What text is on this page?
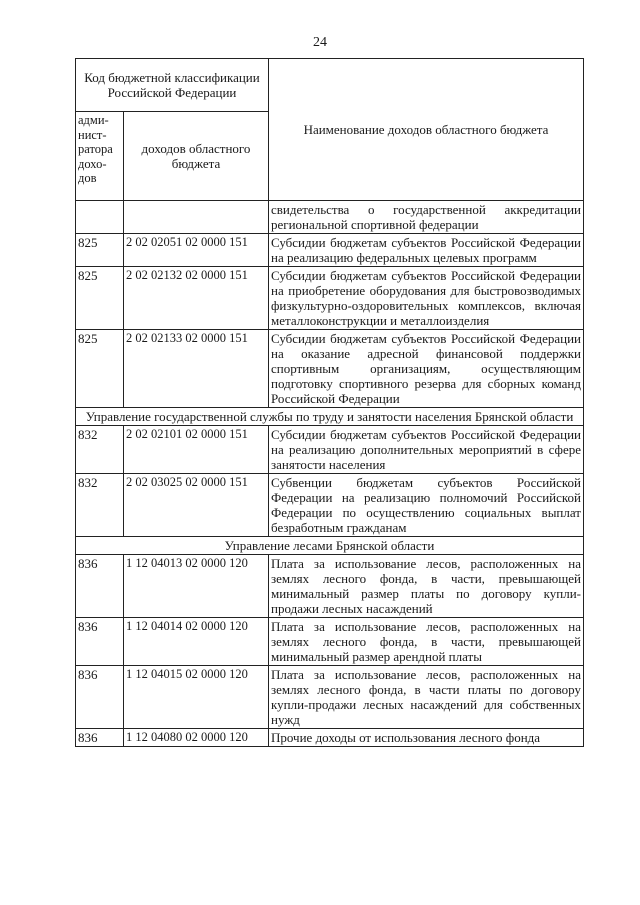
24
Код бюджетной классификации Российской Федерации		Наименование доходов областного бюджета
адми-нист-ратора дохо-дов	доходов областного бюджета	
		свидетельства о государственной аккредитации региональной спортивной федерации
825	2 02 02051 02 0000 151	Субсидии бюджетам субъектов Российской Федерации на реализацию федеральных целевых программ
825	2 02 02132 02 0000 151	Субсидии бюджетам субъектов Российской Федерации на приобретение оборудования для быстровозводимых физкультурно-оздоровительных комплексов, включая металлоконструкции и металлоизделия
825	2 02 02133 02 0000 151	Субсидии бюджетам субъектов Российской Федерации на оказание адресной финансовой поддержки спортивным организациям, осуществляющим подготовку спортивного резерва для сборных команд Российской Федерации
Управление государственной службы по труду и занятости населения Брянской области		
832	2 02 02101 02 0000 151	Субсидии бюджетам субъектов Российской Федерации на реализацию дополнительных мероприятий в сфере занятости населения
832	2 02 03025 02 0000 151	Субвенции бюджетам субъектов Российской Федерации на реализацию полномочий Российской Федерации по осуществлению социальных выплат безработным гражданам
Управление лесами Брянской области		
836	1 12 04013 02 0000 120	Плата за использование лесов, расположенных на землях лесного фонда, в части, превышающей минимальный размер платы по договору купли-продажи лесных насаждений
836	1 12 04014 02 0000 120	Плата за использование лесов, расположенных на землях лесного фонда, в части, превышающей минимальный размер арендной платы
836	1 12 04015 02 0000 120	Плата за использование лесов, расположенных на землях лесного фонда, в части платы по договору купли-продажи лесных насаждений для собственных нужд
836	1 12 04080 02 0000 120	Прочие доходы от использования лесного фонда
